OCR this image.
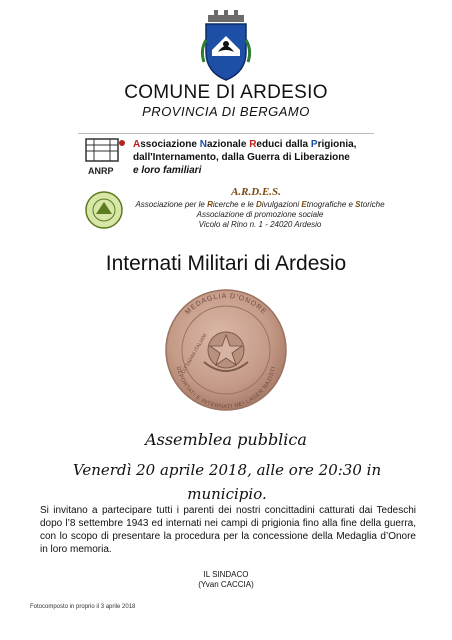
COMUNE DI ARDESIO
PROVINCIA DI BERGAMO
ANRP
Associazione Nazionale Reduci dalla Prigionia,
dall'Internamento, dalla Guerra di Liberazione
e loro familiari
A.R.D.E.S.
Associazione per le Ricerche e le Divulgazioni Etnografiche e Storiche
Associazione di promozione sociale
Vicolo al Rino n. 1 - 24020 Ardesio
Internati Militari di Ardesio
MEDAGLIA D'ONORE
DEPORTATI E INTERNATI NEI LAGER NAZISTI
CITTADINI ITALIANI
Assemblea pubblica
Venerdì 20 aprile 2018, alle ore 20:30 in
municipio.
Si invitano a partecipare tutti i parenti dei nostri concittadini catturati dai Tedeschi dopo l’8 settembre 1943 ed internati nei campi di prigionia fino alla fine della guerra, con lo scopo di presentare la procedura per la concessione della Medaglia d’Onore in loro memoria.
IL SINDACO
(Yvan CACCIA)
Fotocomposto in proprio il 3 aprile 2018
